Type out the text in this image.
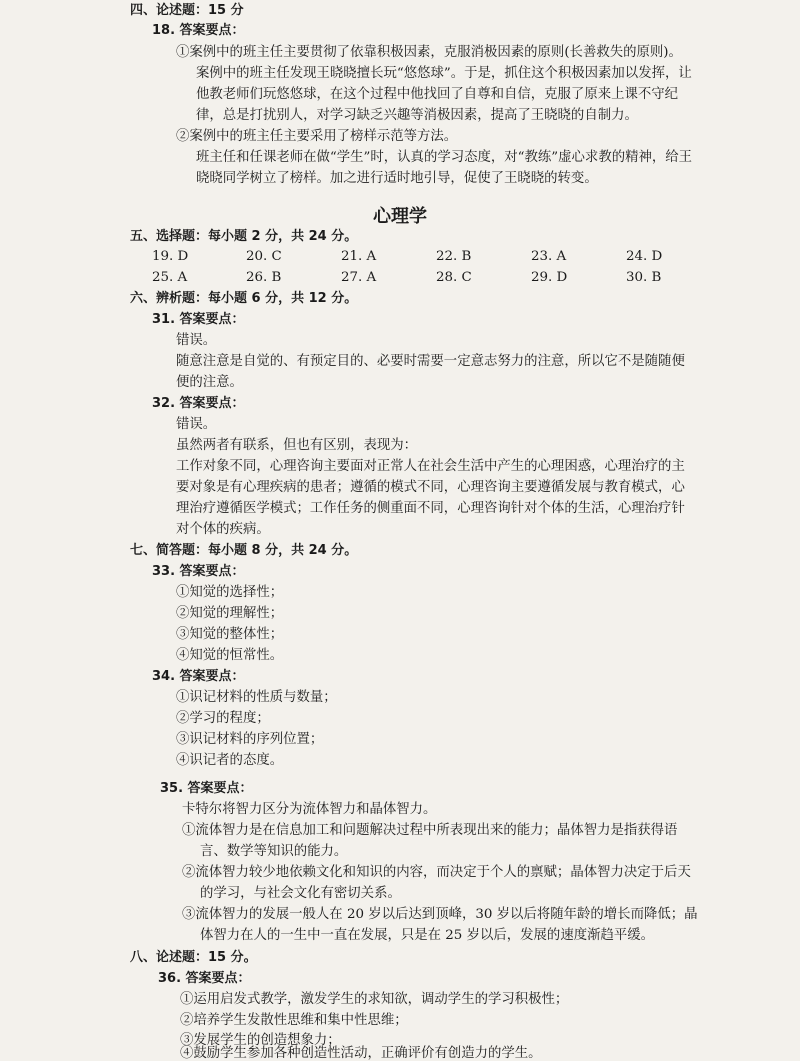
四、论述题：15 分
18. 答案要点：
①案例中的班主任主要贯彻了依靠积极因素，克服消极因素的原则(长善救失的原则)。
案例中的班主任发现王晓晓擅长玩“悠悠球”。于是，抓住这个积极因素加以发挥，让
他教老师们玩悠悠球，在这个过程中他找回了自尊和自信，克服了原来上课不守纪
律，总是打扰别人，对学习缺乏兴趣等消极因素，提高了王晓晓的自制力。
②案例中的班主任主要采用了榜样示范等方法。
班主任和任课老师在做“学生”时，认真的学习态度，对“教练”虚心求教的精神，给王
晓晓同学树立了榜样。加之进行适时地引导，促使了王晓晓的转变。
心理学
五、选择题：每小题 2 分，共 24 分。
19. D	20. C	21. A	22. B	23. A	24. D
25. A	26. B	27. A	28. C	29. D	30. B
六、辨析题：每小题 6 分，共 12 分。
31. 答案要点：
错误。
随意注意是自觉的、有预定目的、必要时需要一定意志努力的注意，所以它不是随随便
便的注意。
32. 答案要点：
错误。
虽然两者有联系，但也有区别，表现为：
工作对象不同，心理咨询主要面对正常人在社会生活中产生的心理困惑，心理治疗的主
要对象是有心理疾病的患者；遵循的模式不同，心理咨询主要遵循发展与教育模式，心
理治疗遵循医学模式；工作任务的侧重面不同，心理咨询针对个体的生活，心理治疗针
对个体的疾病。
七、简答题：每小题 8 分，共 24 分。
33. 答案要点：
①知觉的选择性；
②知觉的理解性；
③知觉的整体性；
④知觉的恒常性。
34. 答案要点：
①识记材料的性质与数量；
②学习的程度；
③识记材料的序列位置；
④识记者的态度。
35. 答案要点：
卡特尔将智力区分为流体智力和晶体智力。
①流体智力是在信息加工和问题解决过程中所表现出来的能力；晶体智力是指获得语
言、数学等知识的能力。
②流体智力较少地依赖文化和知识的内容，而决定于个人的禀赋；晶体智力决定于后天
的学习，与社会文化有密切关系。
③流体智力的发展一般人在 20 岁以后达到顶峰，30 岁以后将随年龄的增长而降低；晶
体智力在人的一生中一直在发展，只是在 25 岁以后，发展的速度渐趋平缓。
八、论述题：15 分。
36. 答案要点：
①运用启发式教学，激发学生的求知欲，调动学生的学习积极性；
②培养学生发散性思维和集中性思维；
③发展学生的创造想象力；
④鼓励学生参加各种创造性活动，正确评价有创造力的学生。
